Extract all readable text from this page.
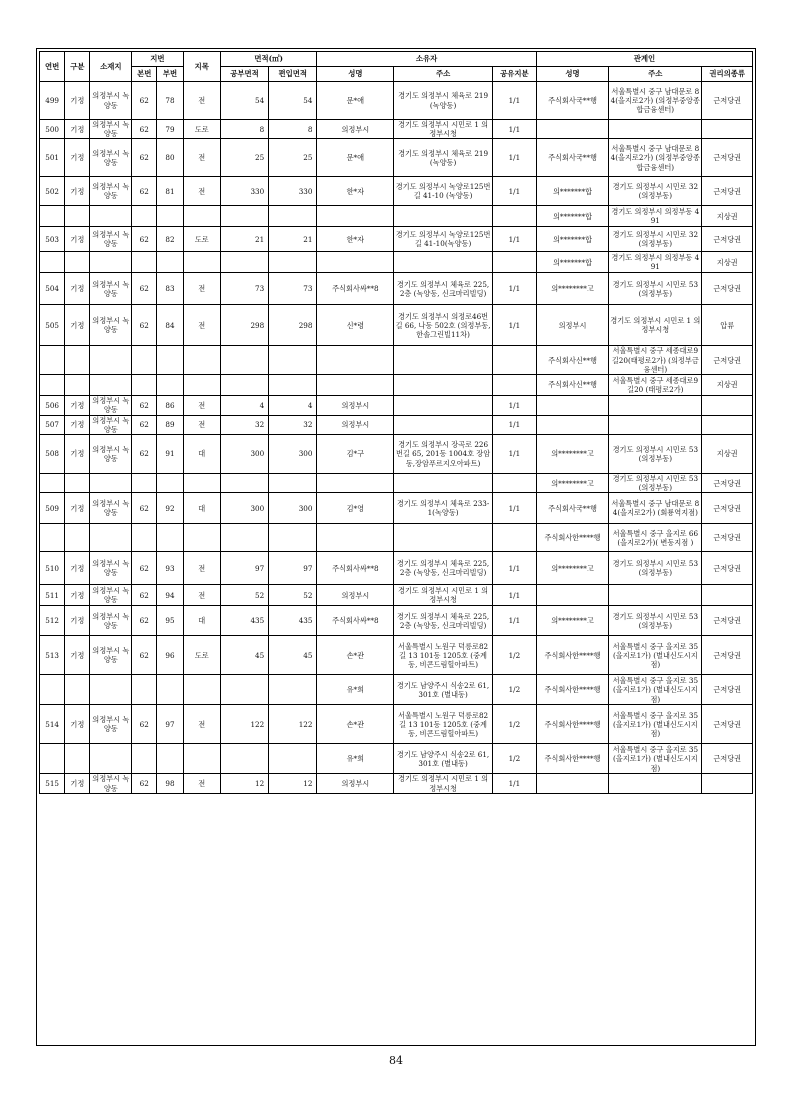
연번	구분	소재지	지번		지목	면적(㎡)		소유자			관계인		
			본번	부번		공부면적	편입면적	성명	주소	공유지분	성명	주소	권리의종류
499	기정	의정부시 녹양동	62	78	전	54	54	문*애	경기도 의정부시 체육로 219(녹양동)	1/1	주식회사국**행	서울특별시 중구 남대문로 84(을지로2가) (의정부중앙종합금융센터)	근저당권
500	기정	의정부시 녹양동	62	79	도로	8	8	의정부시	경기도 의정부시 시민로 1 의정부시청	1/1			
501	기정	의정부시 녹양동	62	80	전	25	25	문*애	경기도 의정부시 체육로 219(녹양동)	1/1	주식회사국**행	서울특별시 중구 남대문로 84(을지로2가) (의정부중앙종합금융센터)	근저당권
502	기정	의정부시 녹양동	62	81	전	330	330	한*자	경기도 의정부시 녹양로125번길 41-10 (녹양동)	1/1	의*******합	경기도 의정부시 시민로 32(의정부동)	근저당권
											의*******합	경기도 의정부시 의정부동 491	지상권
503	기정	의정부시 녹양동	62	82	도로	21	21	한*자	경기도 의정부시 녹양로125번길 41-10(녹양동)	1/1	의*******합	경기도 의정부시 시민로 32(의정부동)	근저당권
											의*******합	경기도 의정부시 의정부동 491	지상권
504	기정	의정부시 녹양동	62	83	전	73	73	주식회사싸**8	경기도 의정부시 체육로 225, 2층 (녹양동, 신크마리빌딩)	1/1	의********고	경기도 의정부시 시민로 53(의정부동)	근저당권
505	기정	의정부시 녹양동	62	84	전	298	298	신*령	경기도 의정부시 의정로46번길 66, 나동 502호 (의정부동, 한솔그린빌11차)	1/1	의정부시	경기도 의정부시 시민로 1 의정부시청	압류
											주식회사신**행	서울특별시 중구 세종대로9길20(태평로2가) (의정부금융센터)	근저당권
											주식회사신**행	서울특별시 중구 세종대로9길20 (태평로2가)	지상권
506	기정	의정부시 녹양동	62	86	전	4	4	의정부시		1/1			
507	기정	의정부시 녹양동	62	89	전	32	32	의정부시		1/1			
508	기정	의정부시 녹양동	62	91	대	300	300	김*구	경기도 의정부시 장곡로 226번길 65, 201동 1004호 장암동,장암푸르지오아파트)	1/1	의********고	경기도 의정부시 시민로 53(의정부동)	지상권
											의********고	경기도 의정부시 시민로 53(의정부동)	근저당권
509	기정	의정부시 녹양동	62	92	대	300	300	김*영	경기도 의정부시 체육로 233-1(녹양동)	1/1	주식회사국**행	서울특별시 중구 남대문로 84(을지로2가) (회룡역지점)	근저당권
											주식회사한****행	서울특별시 중구 을지로 66 (을지로2가)( 변동지점 )	근저당권
510	기정	의정부시 녹양동	62	93	전	97	97	주식회사싸**8	경기도 의정부시 체육로 225, 2층 (녹양동, 신크마리빌딩)	1/1	의********고	경기도 의정부시 시민로 53(의정부동)	근저당권
511	기정	의정부시 녹양동	62	94	전	52	52	의정부시	경기도 의정부시 시민로 1 의정부시청	1/1			
512	기정	의정부시 녹양동	62	95	대	435	435	주식회사싸**8	경기도 의정부시 체육로 225, 2층 (녹양동, 신크마리빌딩)	1/1	의********고	경기도 의정부시 시민로 53(의정부동)	근저당권
513	기정	의정부시 녹양동	62	96	도로	45	45	손*관	서울특별시 노원구 덕릉로82길 13 101동 1205호 (중계동, 비콘드림힐아파트)	1/2	주식회사한****행	서울특별시 중구 을지로 35 (을지로1가) (별내신도시지점)	근저당권
								유*희	경기도 남양주시 식송2로 61, 301호 (별내동)	1/2	주식회사한****행	서울특별시 중구 을지로 35 (을지로1가) (별내신도시지점)	근저당권
514	기정	의정부시 녹양동	62	97	전	122	122	손*관	서울특별시 노원구 덕릉로82길 13 101동 1205호 (중계동, 비콘드림힐아파트)	1/2	주식회사한****행	서울특별시 중구 을지로 35(을지로1가) (별내신도시지점)	근저당권
								유*희	경기도 남양주시 식송2로 61, 301호 (별내동)	1/2	주식회사한****행	서울특별시 중구 을지로 35 (을지로1가) (별내신도시지점)	근저당권
515	기정	의정부시 녹양동	62	98	전	12	12	의정부시	경기도 의정부시 시민로 1 의정부시청	1/1			
84
